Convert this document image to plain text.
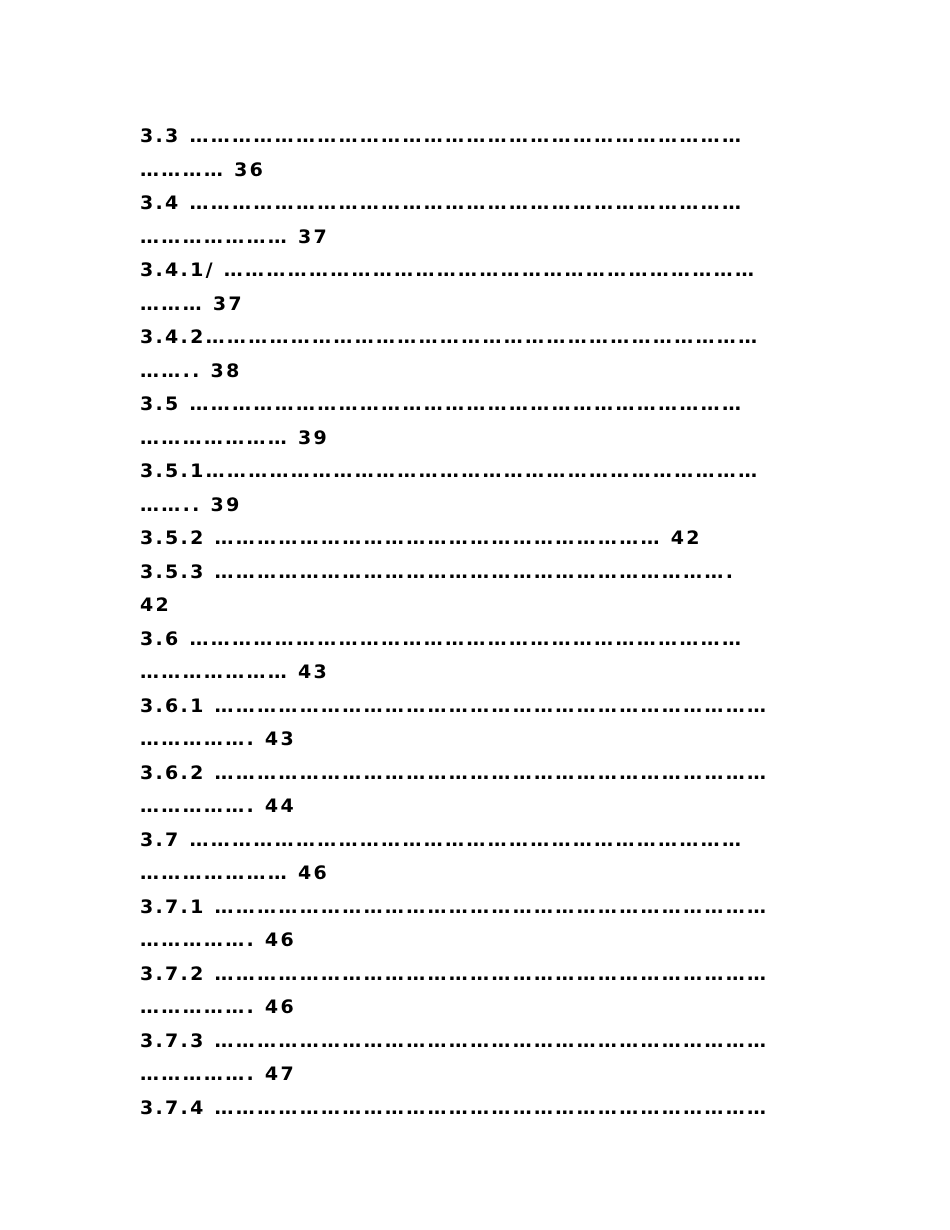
3.3 ……………………………………………………………………
………… 36
3.4 ……………………………………………………………………
………………… 37
3.4.1/ …………………………………………………………………
……… 37
3.4.2……………………………………………………………………
…….. 38
3.5 ……………………………………………………………………
………………… 39
3.5.1……………………………………………………………………
…….. 39
3.5.2 ……………………………………………………… 42
3.5.3 ……………………………………………………………….
42
3.6 ……………………………………………………………………
………………… 43
3.6.1 ……………………………………………………………………
……………. 43
3.6.2 ……………………………………………………………………
……………. 44
3.7 ……………………………………………………………………
………………… 46
3.7.1 ……………………………………………………………………
……………. 46
3.7.2 ……………………………………………………………………
……………. 46
3.7.3 ……………………………………………………………………
……………. 47
3.7.4 ……………………………………………………………………
